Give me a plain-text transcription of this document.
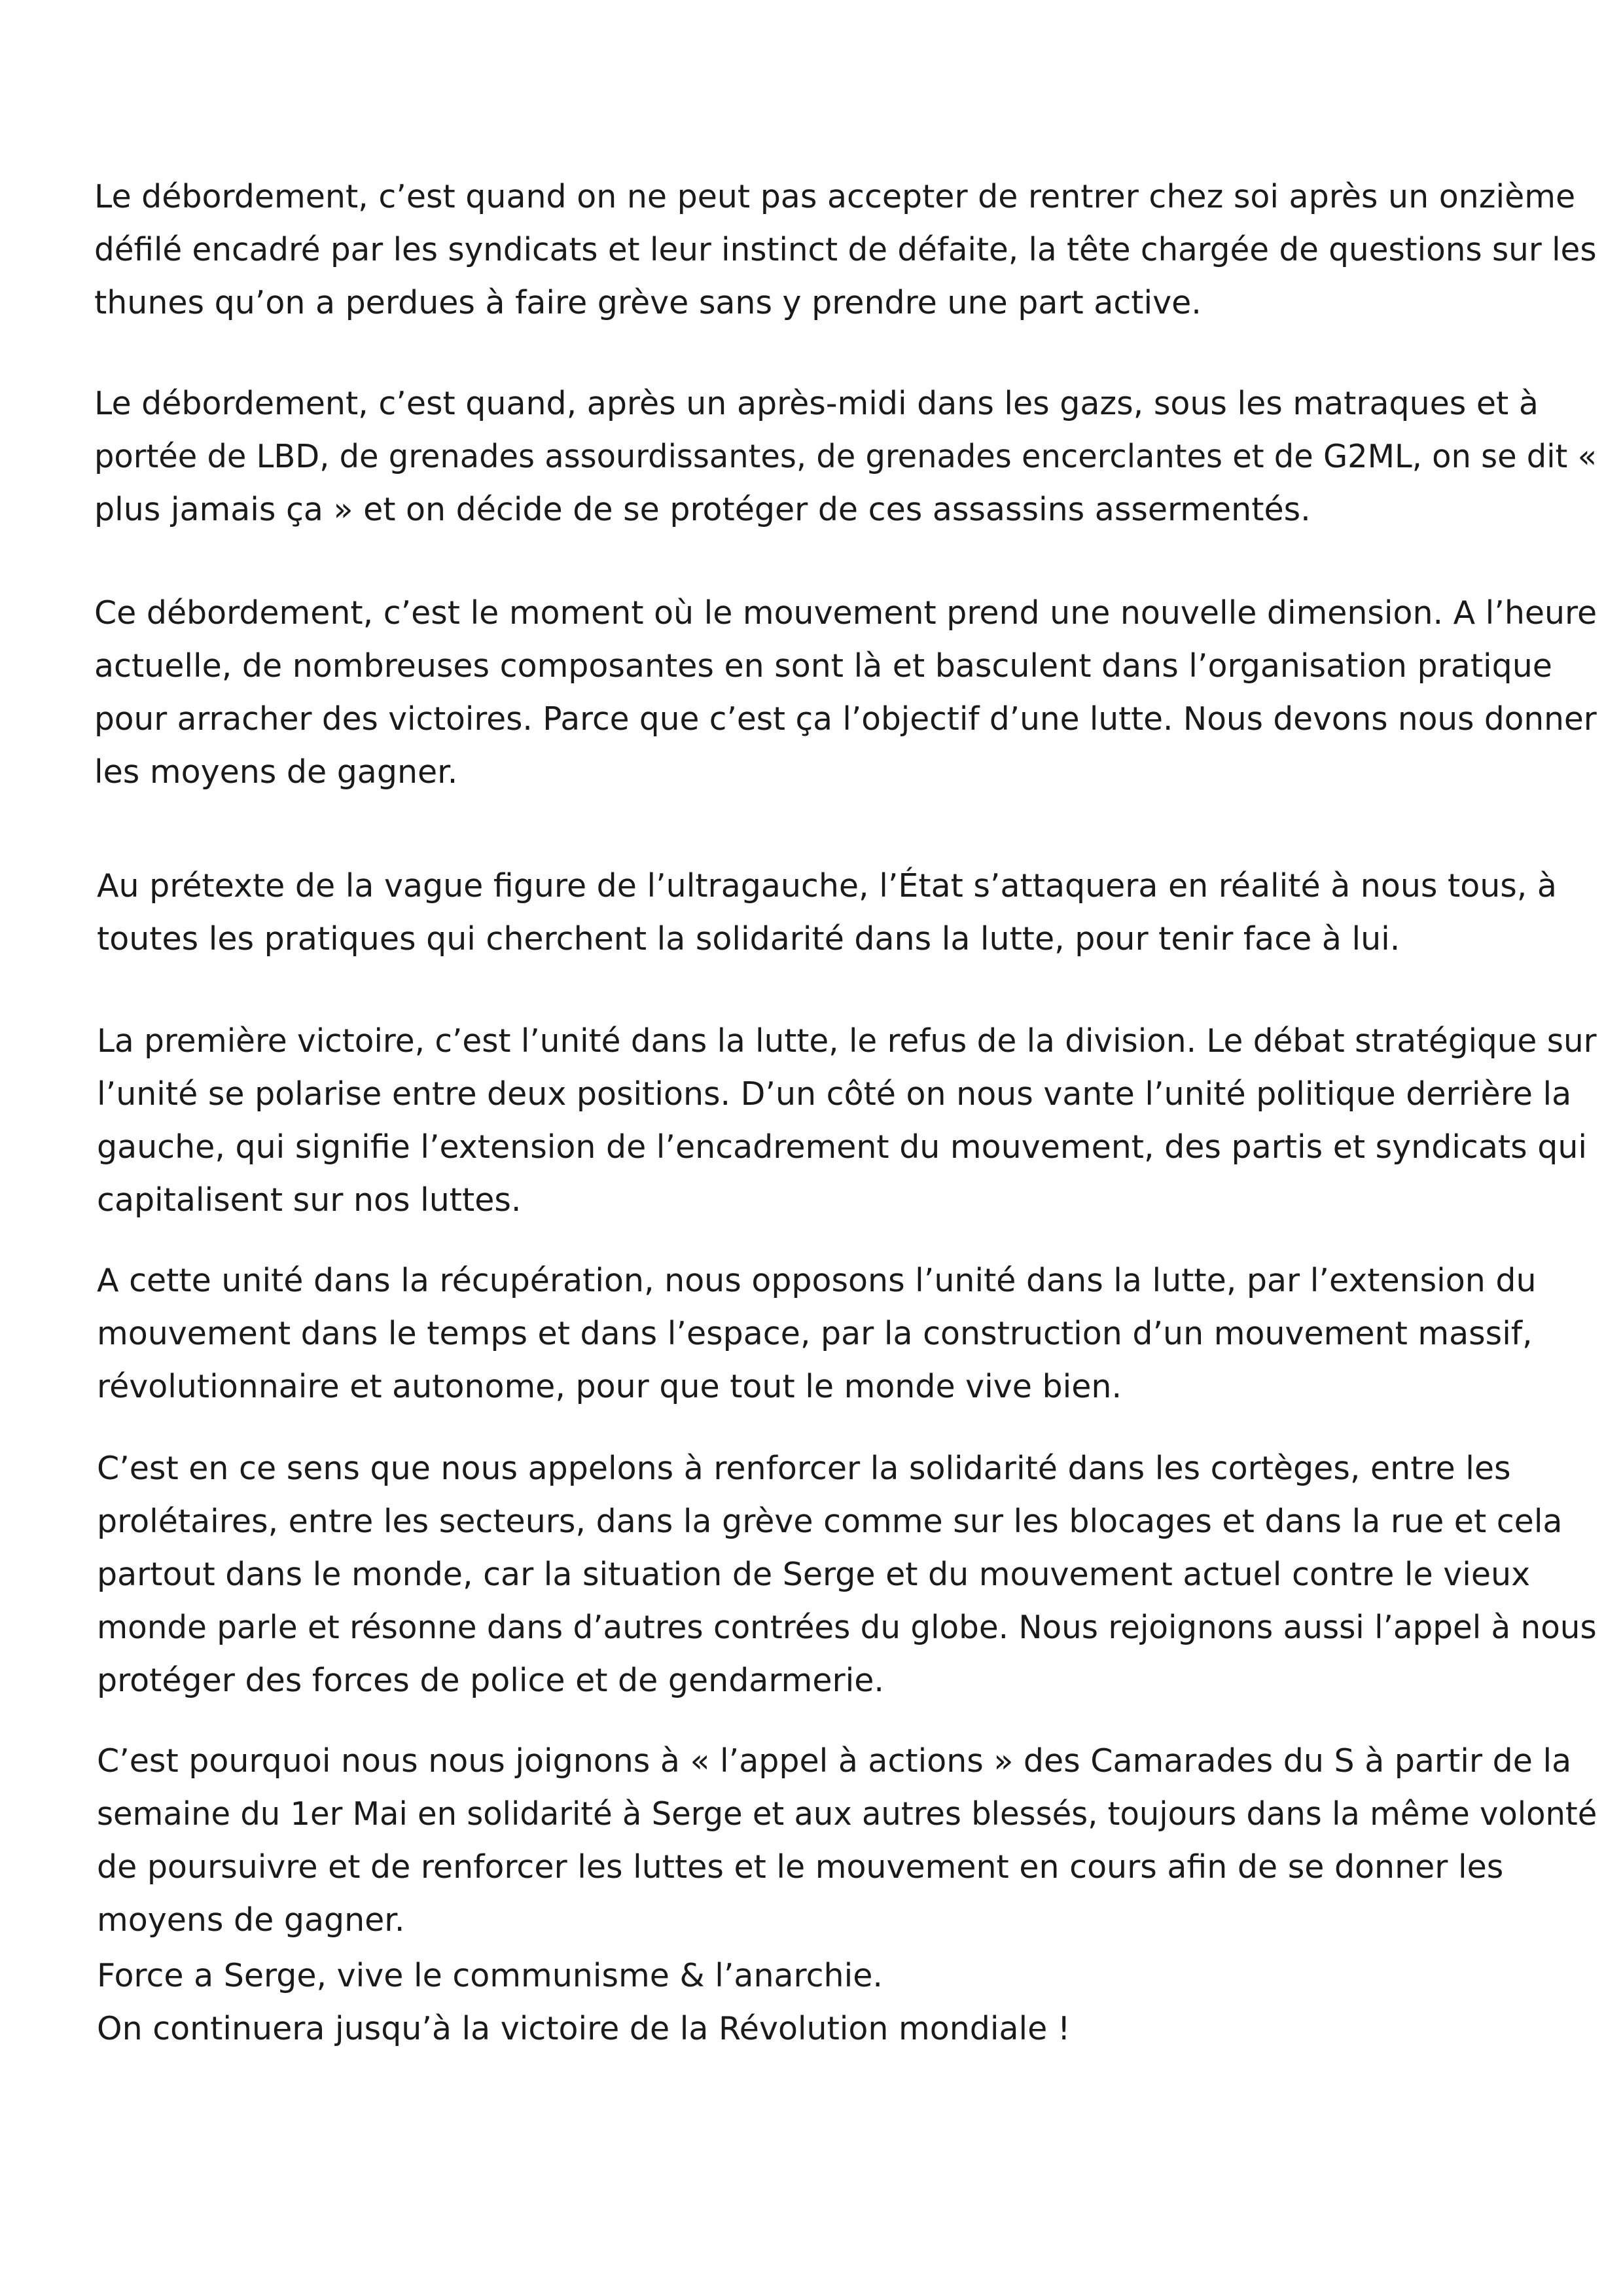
Le débordement, c’est quand on ne peut pas accepter de rentrer chez soi après un onzième
défilé encadré par les syndicats et leur instinct de défaite, la tête chargée de questions sur les
thunes qu’on a perdues à faire grève sans y prendre une part active.

Le débordement, c’est quand, après un après-midi dans les gazs, sous les matraques et à
portée de LBD, de grenades assourdissantes, de grenades encerclantes et de G2ML, on se dit «
plus jamais ça » et on décide de se protéger de ces assassins assermentés.

Ce débordement, c’est le moment où le mouvement prend une nouvelle dimension. A l’heure
actuelle, de nombreuses composantes en sont là et basculent dans l’organisation pratique
pour arracher des victoires. Parce que c’est ça l’objectif d’une lutte. Nous devons nous donner
les moyens de gagner.

Au prétexte de la vague figure de l’ultragauche, l’État s’attaquera en réalité à nous tous, à
toutes les pratiques qui cherchent la solidarité dans la lutte, pour tenir face à lui.

La première victoire, c’est l’unité dans la lutte, le refus de la division. Le débat stratégique sur
l’unité se polarise entre deux positions. D’un côté on nous vante l’unité politique derrière la
gauche, qui signifie l’extension de l’encadrement du mouvement, des partis et syndicats qui
capitalisent sur nos luttes.

A cette unité dans la récupération, nous opposons l’unité dans la lutte, par l’extension du
mouvement dans le temps et dans l’espace, par la construction d’un mouvement massif,
révolutionnaire et autonome, pour que tout le monde vive bien.

C’est en ce sens que nous appelons à renforcer la solidarité dans les cortèges, entre les
prolétaires, entre les secteurs, dans la grève comme sur les blocages et dans la rue et cela
partout dans le monde, car la situation de Serge et du mouvement actuel contre le vieux
monde parle et résonne dans d’autres contrées du globe. Nous rejoignons aussi l’appel à nous
protéger des forces de police et de gendarmerie.

C’est pourquoi nous nous joignons à « l’appel à actions » des Camarades du S à partir de la
semaine du 1er Mai en solidarité à Serge et aux autres blessés, toujours dans la même volonté
de poursuivre et de renforcer les luttes et le mouvement en cours afin de se donner les
moyens de gagner.

Force a Serge, vive le communisme & l’anarchie.
On continuera jusqu’à la victoire de la Révolution mondiale !
